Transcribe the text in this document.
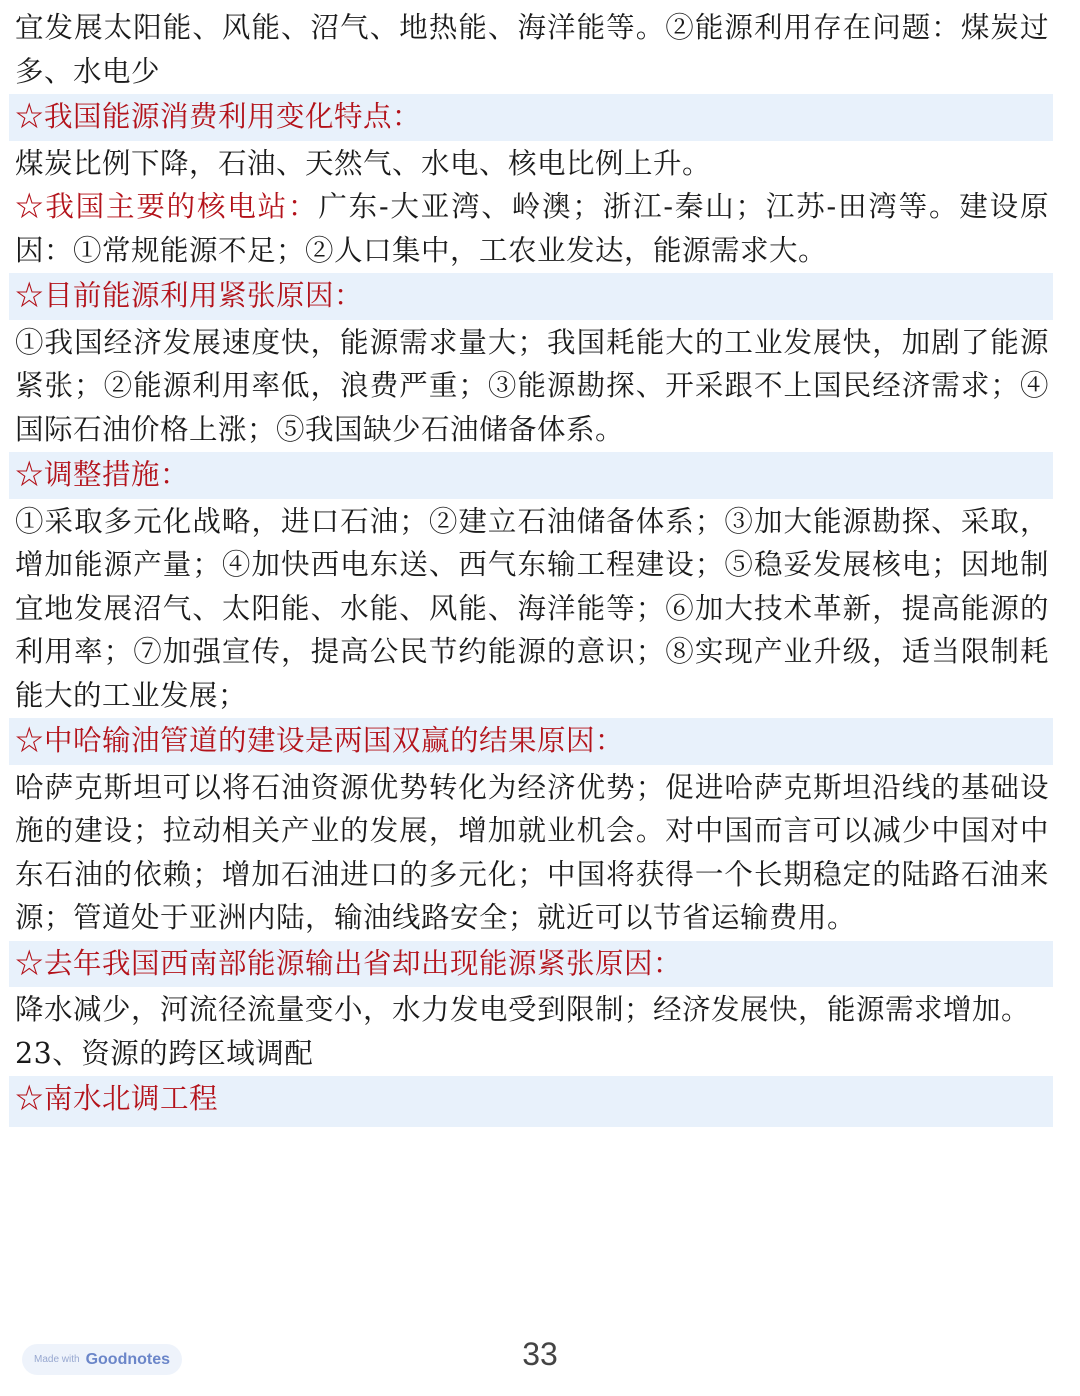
宜发展太阳能、风能、沼气、地热能、海洋能等。②能源利用存在问题：煤炭过多、水电少
☆我国能源消费利用变化特点：
煤炭比例下降，石油、天然气、水电、核电比例上升。
☆我国主要的核电站：广东-大亚湾、岭澳；浙江-秦山；江苏-田湾等。建设原因：①常规能源不足；②人口集中，工农业发达，能源需求大。
☆目前能源利用紧张原因：
①我国经济发展速度快，能源需求量大；我国耗能大的工业发展快，加剧了能源紧张；②能源利用率低，浪费严重；③能源勘探、开采跟不上国民经济需求；④国际石油价格上涨；⑤我国缺少石油储备体系。
☆调整措施：
①采取多元化战略，进口石油；②建立石油储备体系；③加大能源勘探、采取，增加能源产量；④加快西电东送、西气东输工程建设；⑤稳妥发展核电；因地制宜地发展沼气、太阳能、水能、风能、海洋能等；⑥加大技术革新，提高能源的利用率；⑦加强宣传，提高公民节约能源的意识；⑧实现产业升级，适当限制耗能大的工业发展；
☆中哈输油管道的建设是两国双赢的结果原因：
哈萨克斯坦可以将石油资源优势转化为经济优势；促进哈萨克斯坦沿线的基础设施的建设；拉动相关产业的发展，增加就业机会。对中国而言可以减少中国对中东石油的依赖；增加石油进口的多元化；中国将获得一个长期稳定的陆路石油来源；管道处于亚洲内陆，输油线路安全；就近可以节省运输费用。
☆去年我国西南部能源输出省却出现能源紧张原因：
降水减少，河流径流量变小，水力发电受到限制；经济发展快，能源需求增加。
23、资源的跨区域调配
☆南水北调工程
Made with Goodnotes	33
